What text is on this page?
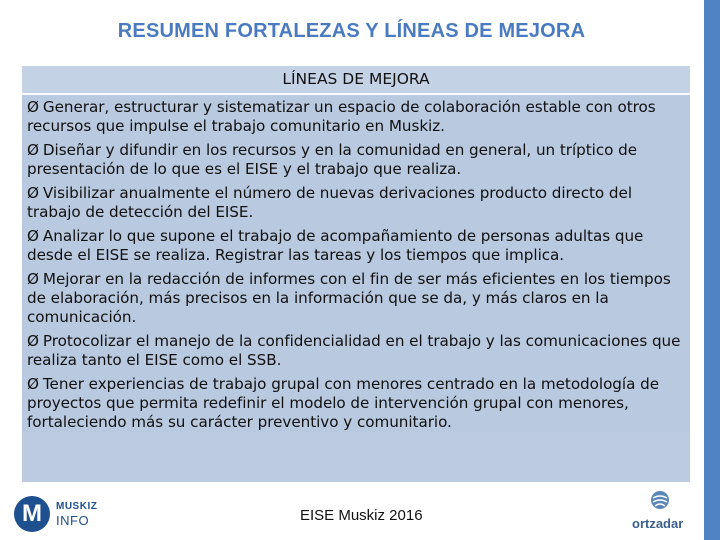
RESUMEN FORTALEZAS Y LÍNEAS DE MEJORA
LÍNEAS DE MEJORA
Ø Generar, estructurar y sistematizar un espacio de colaboración estable con otros recursos que impulse el trabajo comunitario en Muskiz.
Ø Diseñar y difundir en los recursos y en la comunidad en general, un tríptico de presentación de lo que es el EISE y el trabajo que realiza.
Ø Visibilizar anualmente el número de nuevas derivaciones producto directo del trabajo de detección del EISE.
Ø Analizar lo que supone el trabajo de acompañamiento de personas adultas que desde el EISE se realiza. Registrar las tareas y los tiempos que implica.
Ø Mejorar en la redacción de informes con el fin de ser más eficientes en los tiempos de elaboración, más precisos en la información que se da, y más claros en la comunicación.
Ø Protocolizar el manejo de la confidencialidad en el trabajo y las comunicaciones que realiza tanto el EISE como el SSB.
Ø Tener experiencias de trabajo grupal con menores centrado en la metodología de proyectos que permita redefinir el modelo de intervención grupal con menores, fortaleciendo más su carácter preventivo y comunitario.
M	MUSKIZ
INFO	EISE Muskiz 2016	ortzadar
